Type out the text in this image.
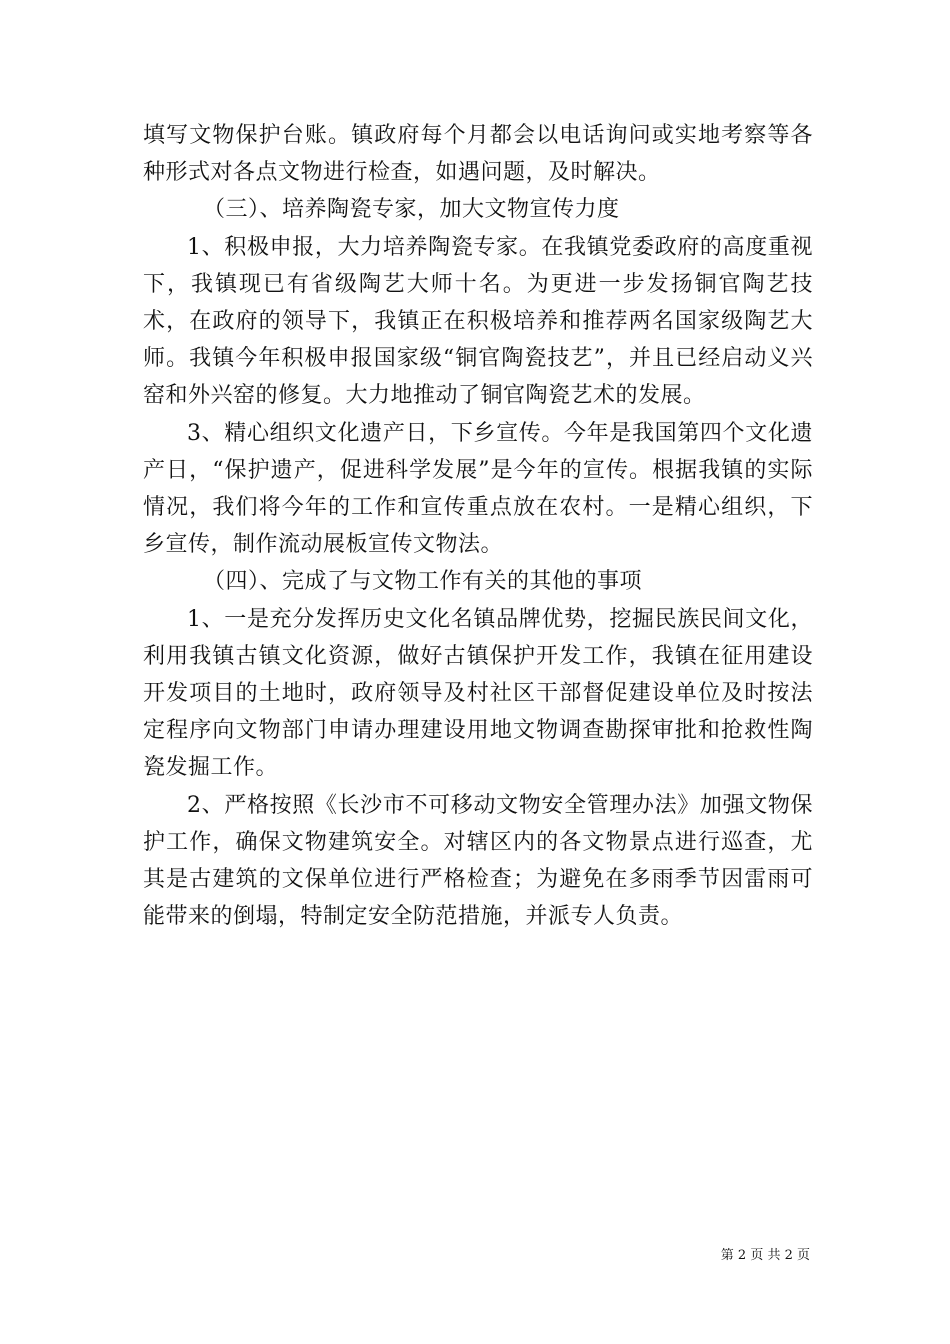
填写文物保护台账。镇政府每个月都会以电话询问或实地考察等各种形式对各点文物进行检查，如遇问题，及时解决。

（三）、培养陶瓷专家，加大文物宣传力度

1、积极申报，大力培养陶瓷专家。在我镇党委政府的高度重视下，我镇现已有省级陶艺大师十名。为更进一步发扬铜官陶艺技术，在政府的领导下，我镇正在积极培养和推荐两名国家级陶艺大师。我镇今年积极申报国家级“铜官陶瓷技艺”，并且已经启动义兴窑和外兴窑的修复。大力地推动了铜官陶瓷艺术的发展。

3、精心组织文化遗产日，下乡宣传。今年是我国第四个文化遗产日，“保护遗产，促进科学发展”是今年的宣传。根据我镇的实际情况，我们将今年的工作和宣传重点放在农村。一是精心组织，下乡宣传，制作流动展板宣传文物法。

（四）、完成了与文物工作有关的其他的事项

1、一是充分发挥历史文化名镇品牌优势，挖掘民族民间文化，利用我镇古镇文化资源，做好古镇保护开发工作，我镇在征用建设开发项目的土地时，政府领导及村社区干部督促建设单位及时按法定程序向文物部门申请办理建设用地文物调查勘探审批和抢救性陶瓷发掘工作。

2、严格按照《长沙市不可移动文物安全管理办法》加强文物保护工作，确保文物建筑安全。对辖区内的各文物景点进行巡查，尤其是古建筑的文保单位进行严格检查；为避免在多雨季节因雷雨可能带来的倒塌，特制定安全防范措施，并派专人负责。

第 2 页 共 2 页
